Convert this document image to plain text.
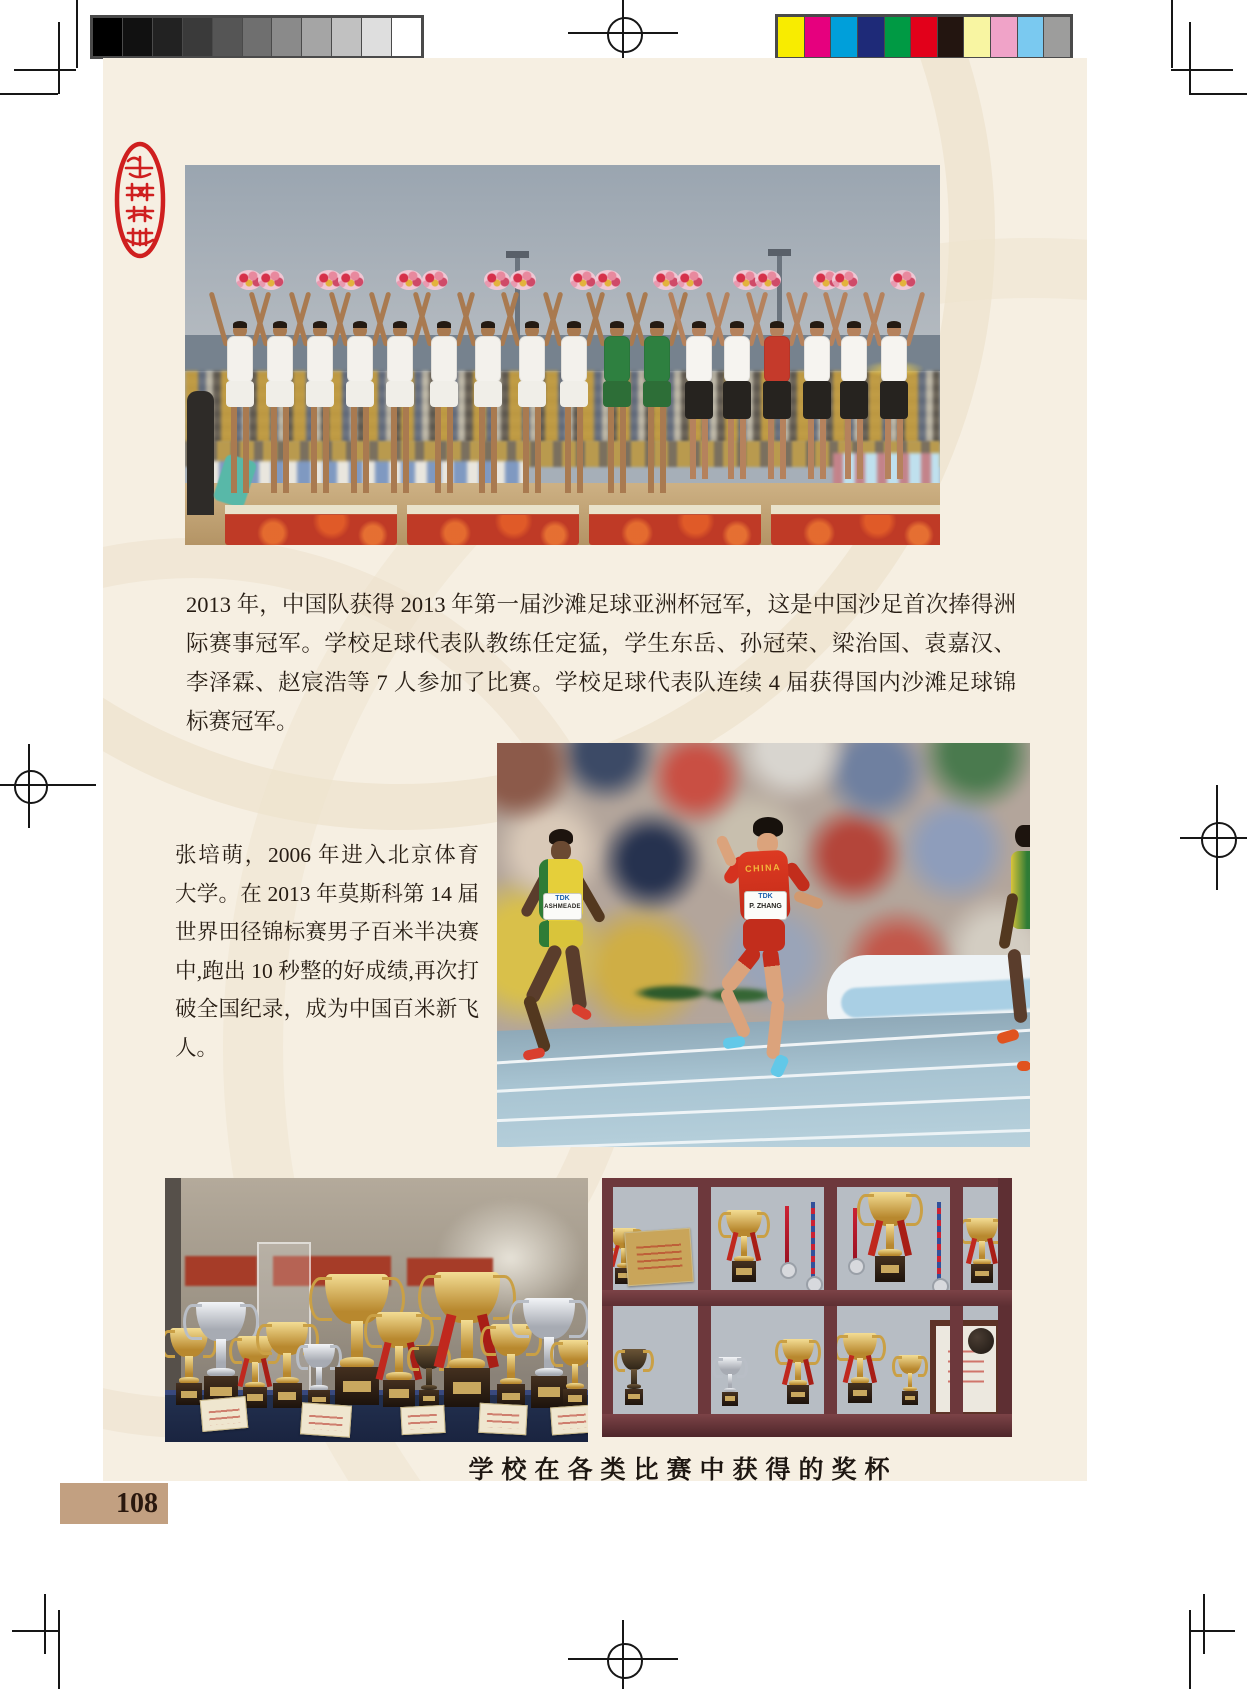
2013 年，中国队获得 2013 年第一届沙滩足球亚洲杯冠军，这是中国沙足首次捧得洲际赛事冠军。学校足球代表队教练任定猛，学生东岳、孙冠荣、梁治国、袁嘉汉、李泽霖、赵宸浩等 7 人参加了比赛。学校足球代表队连续 4 届获得国内沙滩足球锦标赛冠军。
TDK
ASHMEADE
CHINA
TDK
P. ZHANG
张培萌，2006 年进入北京体育大学。在 2013 年莫斯科第 14 届世界田径锦标赛男子百米半决赛中,跑出 10 秒整的好成绩,再次打破全国纪录，成为中国百米新飞人。
学校在各类比赛中获得的奖杯
108
